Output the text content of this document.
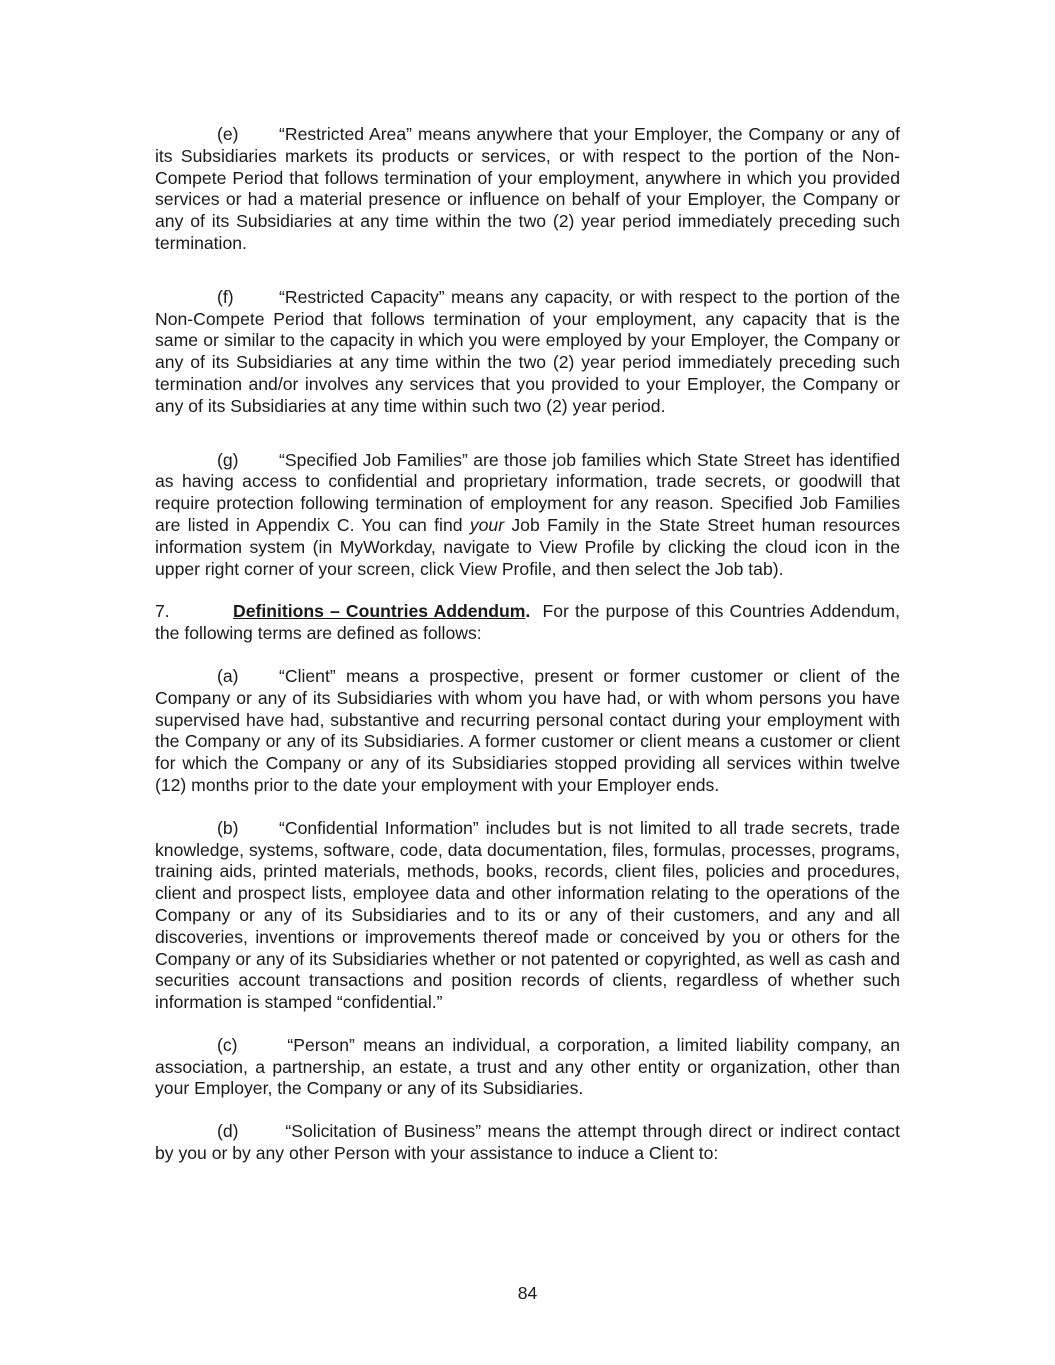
(e) “Restricted Area” means anywhere that your Employer, the Company or any of its Subsidiaries markets its products or services, or with respect to the portion of the Non-Compete Period that follows termination of your employment, anywhere in which you provided services or had a material presence or influence on behalf of your Employer, the Company or any of its Subsidiaries at any time within the two (2) year period immediately preceding such termination.

(f)	“Restricted Capacity” means any capacity, or with respect to the portion of the Non-Compete Period that follows termination of your employment, any capacity that is the same or similar to the capacity in which you were employed by your Employer, the Company or any of its Subsidiaries at any time within the two (2) year period immediately preceding such termination and/or involves any services that you provided to your Employer, the Company or any of its Subsidiaries at any time within such two (2) year period.

(g) “Specified Job Families” are those job families which State Street has identified as having access to confidential and proprietary information, trade secrets, or goodwill that require protection following termination of employment for any reason. Specified Job Families are listed in Appendix C. You can find your Job Family in the State Street human resources information system (in MyWorkday, navigate to View Profile by clicking the cloud icon in the upper right corner of your screen, click View Profile, and then select the Job tab).

7.	Definitions – Countries Addendum.  For the purpose of this Countries Addendum, the following terms are defined as follows:

(a) “Client” means a prospective, present or former customer or client of the Company or any of its Subsidiaries with whom you have had, or with whom persons you have supervised have had, substantive and recurring personal contact during your employment with the Company or any of its Subsidiaries. A former customer or client means a customer or client for which the Company or any of its Subsidiaries stopped providing all services within twelve (12) months prior to the date your employment with your Employer ends.

(b) “Confidential Information” includes but is not limited to all trade secrets, trade knowledge, systems, software, code, data documentation, files, formulas, processes, programs, training aids, printed materials, methods, books, records, client files, policies and procedures, client and prospect lists, employee data and other information relating to the operations of the Company or any of its Subsidiaries and to its or any of their customers, and any and all discoveries, inventions or improvements thereof made or conceived by you or others for the Company or any of its Subsidiaries whether or not patented or copyrighted, as well as cash and securities account transactions and position records of clients, regardless of whether such information is stamped “confidential.”

(c) “Person” means an individual, a corporation, a limited liability company, an association, a partnership, an estate, a trust and any other entity or organization, other than your Employer, the Company or any of its Subsidiaries.

(d) “Solicitation of Business” means the attempt through direct or indirect contact by you or by any other Person with your assistance to induce a Client to:

84
